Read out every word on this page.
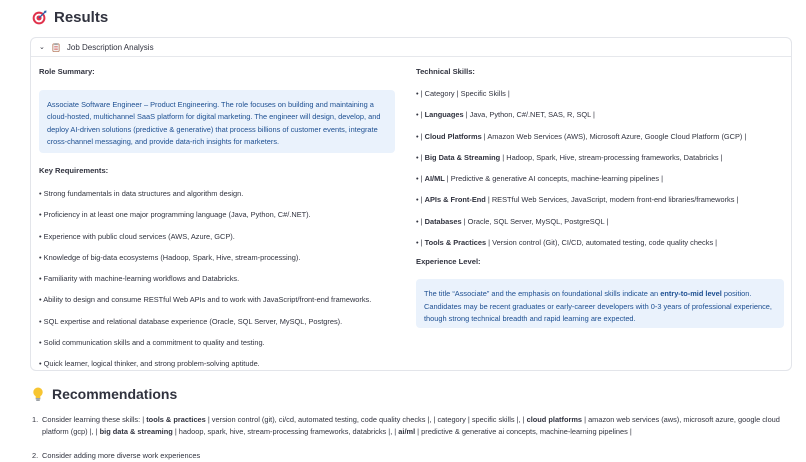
Results
⌄	Job Description Analysis
Role Summary:
Associate Software Engineer – Product Engineering. The role focuses on building and maintaining a cloud-hosted, multichannel SaaS platform for digital marketing. The engineer will design, develop, and deploy AI-driven solutions (predictive & generative) that process billions of customer events, integrate cross-channel messaging, and provide data-rich insights for marketers.
Key Requirements:
• Strong fundamentals in data structures and algorithm design.
• Proficiency in at least one major programming language (Java, Python, C#/.NET).
• Experience with public cloud services (AWS, Azure, GCP).
• Knowledge of big-data ecosystems (Hadoop, Spark, Hive, stream-processing).
• Familiarity with machine-learning workflows and Databricks.
• Ability to design and consume RESTful Web APIs and to work with JavaScript/front-end frameworks.
• SQL expertise and relational database experience (Oracle, SQL Server, MySQL, Postgres).
• Solid communication skills and a commitment to quality and testing.
• Quick learner, logical thinker, and strong problem-solving aptitude.
Technical Skills:
• | Category | Specific Skills |
• | Languages | Java, Python, C#/.NET, SAS, R, SQL |
• | Cloud Platforms | Amazon Web Services (AWS), Microsoft Azure, Google Cloud Platform (GCP) |
• | Big Data & Streaming | Hadoop, Spark, Hive, stream-processing frameworks, Databricks |
• | AI/ML | Predictive & generative AI concepts, machine-learning pipelines |
• | APIs & Front-End | RESTful Web Services, JavaScript, modern front-end libraries/frameworks |
• | Databases | Oracle, SQL Server, MySQL, PostgreSQL |
• | Tools & Practices | Version control (Git), CI/CD, automated testing, code quality checks |
Experience Level:
The title “Associate” and the emphasis on foundational skills indicate an entry-to-mid level position. Candidates may be recent graduates or early-career developers with 0-3 years of professional experience, though strong technical breadth and rapid learning are expected.
Recommendations
1. Consider learning these skills: | tools & practices | version control (git), ci/cd, automated testing, code quality checks |, | category | specific skills |, | cloud platforms | amazon web services (aws), microsoft azure, google cloud platform (gcp) |, | big data & streaming | hadoop, spark, hive, stream-processing frameworks, databricks |, | ai/ml | predictive & generative ai concepts, machine-learning pipelines |
2. Consider adding more diverse work experiences
